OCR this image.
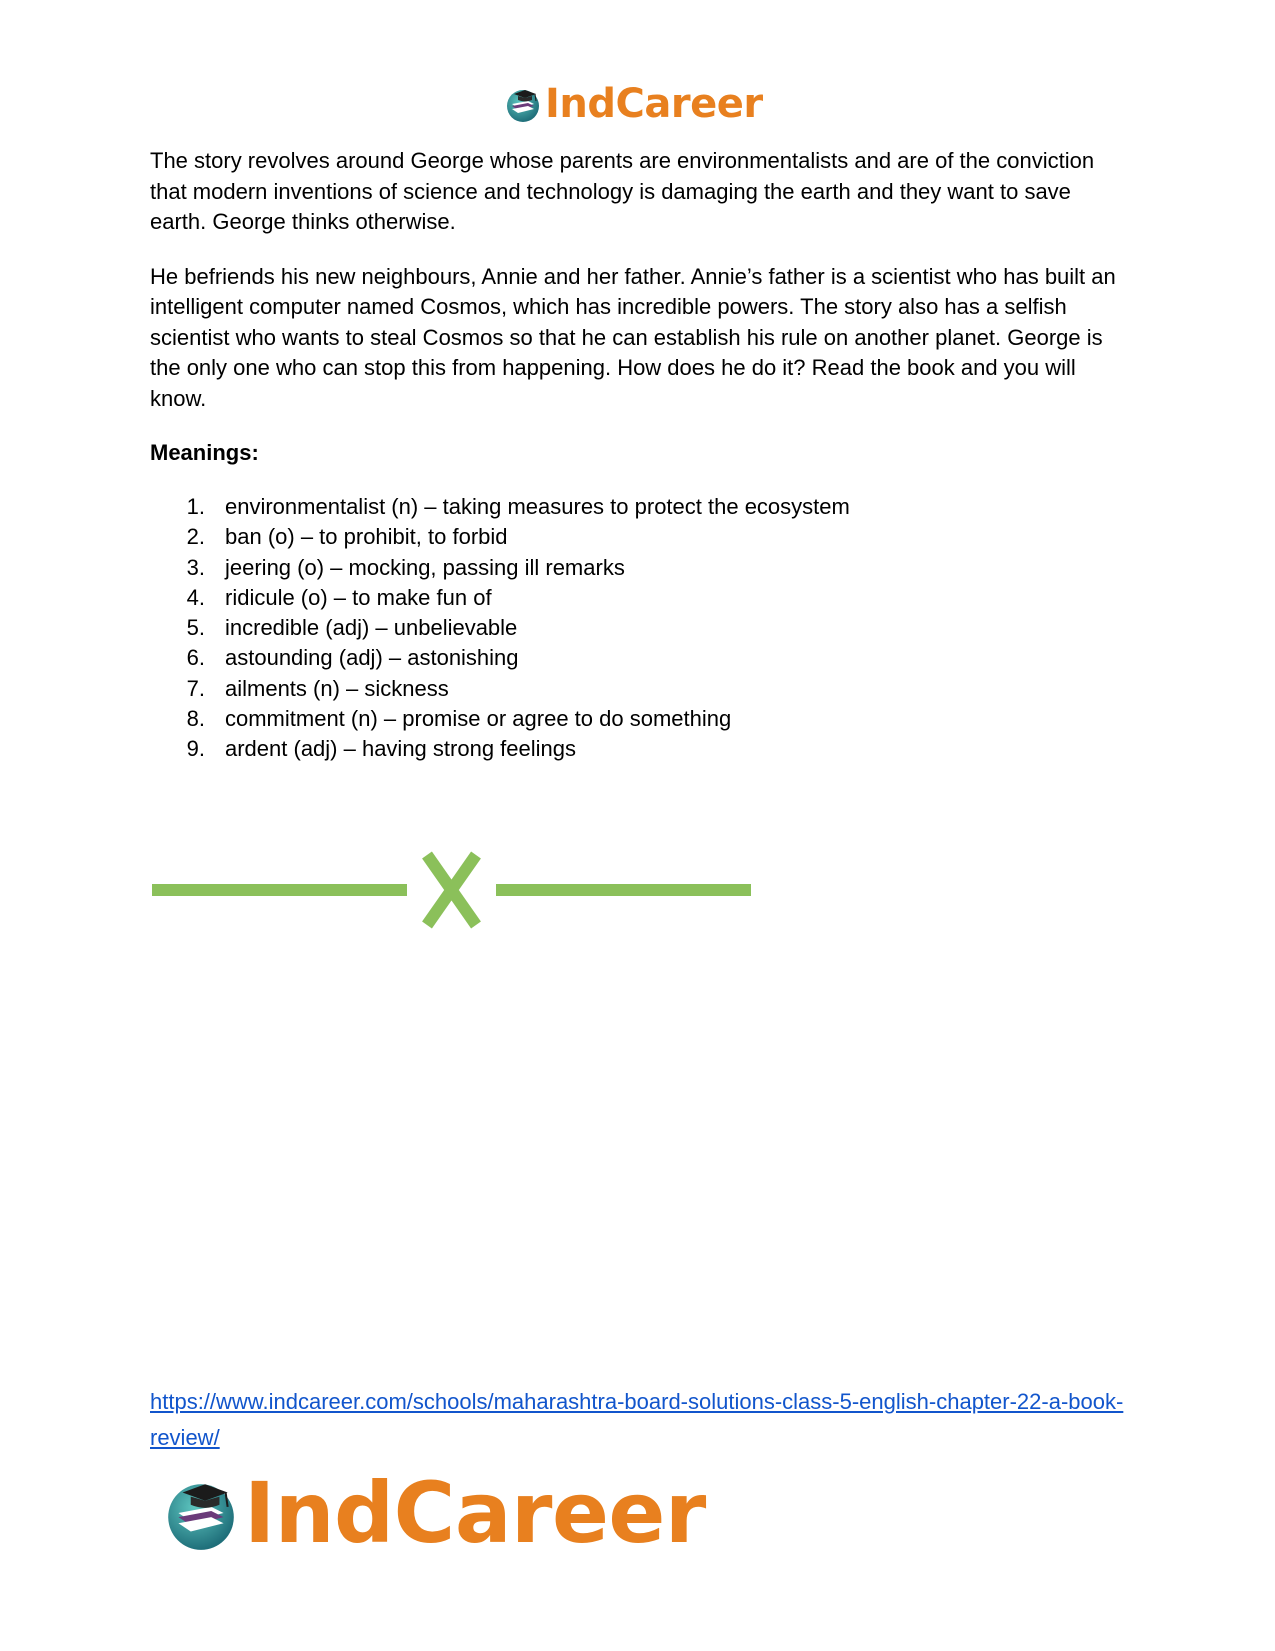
IndCareer

The story revolves around George whose parents are environmentalists and are of the conviction that modern inventions of science and technology is damaging the earth and they want to save earth. George thinks otherwise.

He befriends his new neighbours, Annie and her father. Annie’s father is a scientist who has built an intelligent computer named Cosmos, which has incredible powers. The story also has a selfish scientist who wants to steal Cosmos so that he can establish his rule on another planet. George is the only one who can stop this from happening. How does he do it? Read the book and you will know.

Meanings:

1 .	environmentalist (n) – taking measures to protect the ecosystem
2 .	ban (o) – to prohibit, to forbid
3 .	jeering (o) – mocking, passing ill remarks
4 .	ridicule (o) – to make fun of
5 .	incredible (adj) – unbelievable
6 .	astounding (adj) – astonishing
7 .	ailments (n) – sickness
8 .	commitment (n) – promise or agree to do something
9 .	ardent (adj) – having strong feelings
https://www.indcareer.com/schools/maharashtra-board-solutions-class-5-english-chapter-22-a-book-review/
IndCareer
